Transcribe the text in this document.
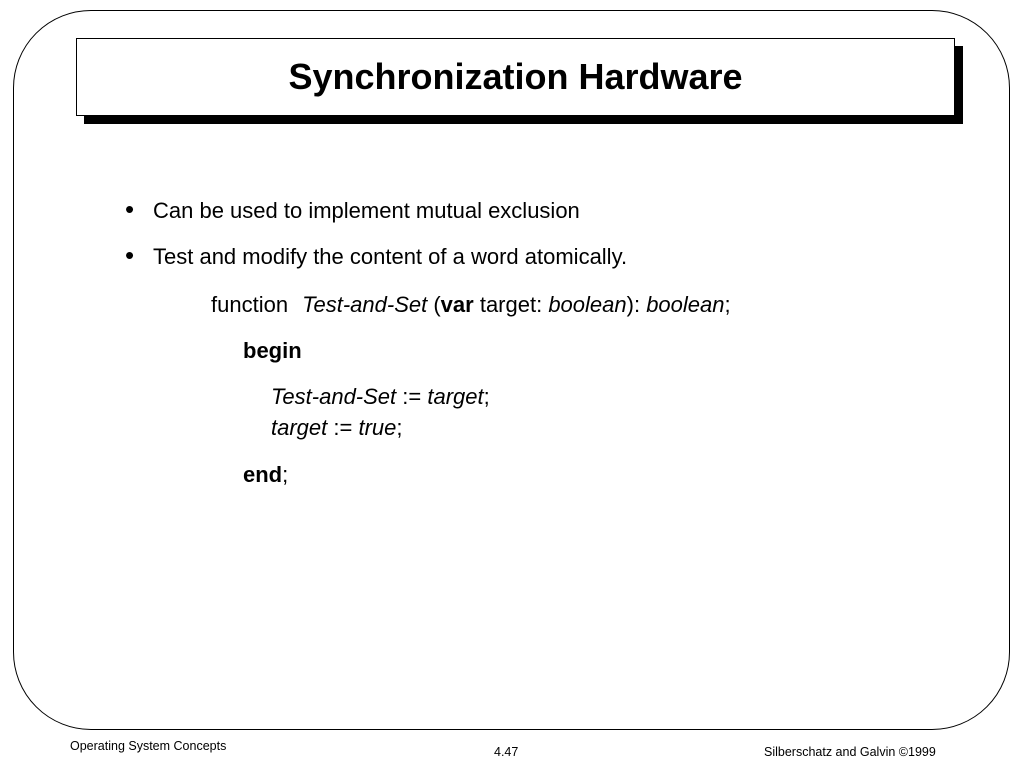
Synchronization Hardware
• Can be used to implement mutual exclusion
• Test and modify the content of a word atomically.
function Test-and-Set (var target: boolean): boolean;
begin
Test-and-Set := target;
target := true;
end;
Operating System Concepts	4.47	Silberschatz and Galvin ©1999
